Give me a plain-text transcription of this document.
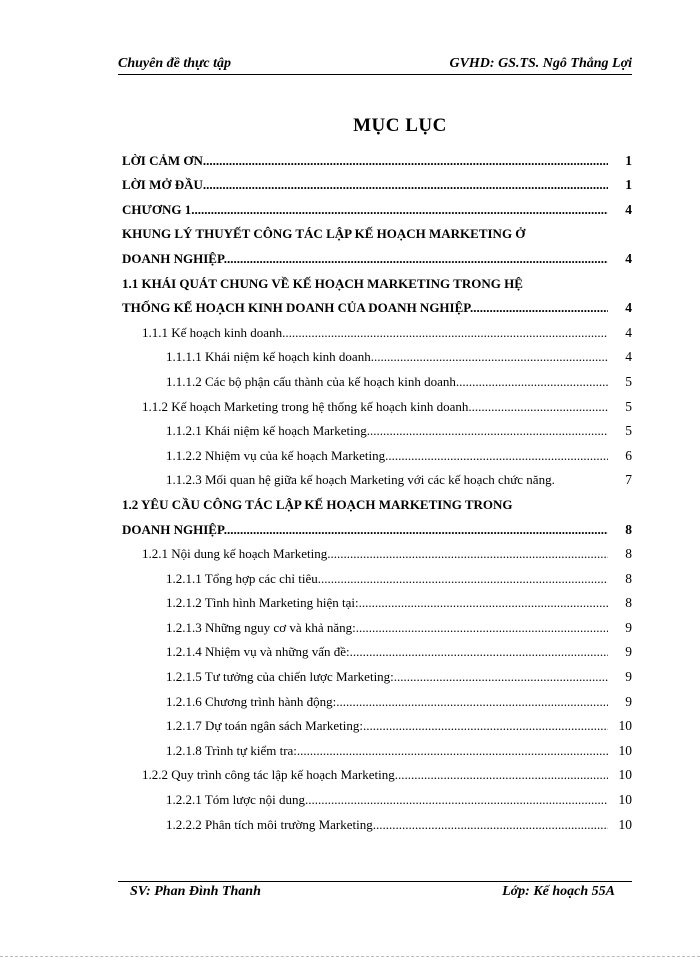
Chuyên đề thực tập	GVHD: GS.TS. Ngô Thắng Lợi
MỤC LỤC
LỜI CẢM ƠN .....	1
LỜI MỞ ĐẦU .....	1
CHƯƠNG 1 .....	4
KHUNG LÝ THUYẾT CÔNG TÁC LẬP KẾ HOẠCH MARKETING Ở
DOANH NGHIỆP. .....	4
1.1 KHÁI QUÁT CHUNG VỀ KẾ HOẠCH MARKETING TRONG HỆ
THỐNG KẾ HOẠCH KINH DOANH CỦA DOANH NGHIỆP. .....	4
1.1.1 Kế hoạch kinh doanh. .....	4
1.1.1.1 Khái niệm kế hoạch kinh doanh. .....	4
1.1.1.2 Các bộ phận cấu thành của kế hoạch kinh doanh. .....	5
1.1.2 Kế hoạch Marketing trong hệ thống kế hoạch kinh doanh. .....	5
1.1.2.1 Khái niệm kế hoạch Marketing .....	5
1.1.2.2 Nhiệm vụ của kế hoạch Marketing .....	6
1.1.2.3 Mối quan hệ giữa kế hoạch Marketing với các kế hoạch chức năng.	7
1.2 YÊU CẦU CÔNG TÁC LẬP KẾ HOẠCH MARKETING TRONG
DOANH NGHIỆP. .....	8
1.2.1 Nội dung kế hoạch Marketing. .....	8
1.2.1.1 Tổng hợp các chỉ tiêu .....	8
1.2.1.2 Tình hình Marketing hiện tại: .....	8
1.2.1.3 Những nguy cơ và khả năng: .....	9
1.2.1.4 Nhiệm vụ và những vấn đề: .....	9
1.2.1.5 Tư tưởng của chiến lược Marketing: .....	9
1.2.1.6 Chương trình hành động: .....	9
1.2.1.7 Dự toán ngân sách Marketing: .....	10
1.2.1.8 Trình tự kiểm tra: .....	10
1.2.2 Quy trình công tác lập kế hoạch Marketing. .....	10
1.2.2.1 Tóm lược nội dung .....	10
1.2.2.2 Phân tích môi trường Marketing .....	10
SV: Phan Đình Thanh	Lớp: Kế hoạch 55A
